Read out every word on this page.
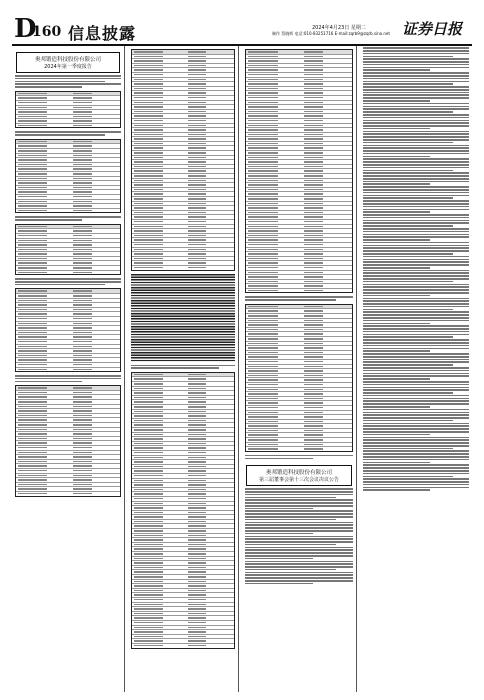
D
160 信息披露	2024年4月23日 星期二
制作 蔡晓辉 电话:010-83251716 E-mail:zqrb9@zqrb.sina.net 证券日报
奥邦锻造科技股份有限公司
2024年第一季度报告
奥邦锻造科技股份有限公司
第三届董事会第十三次会议决议公告
